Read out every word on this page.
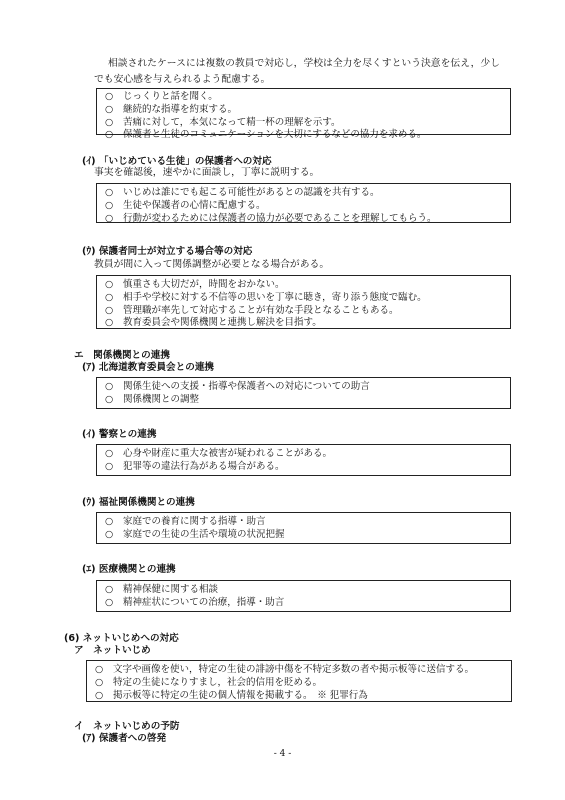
相談されたケースには複数の教員で対応し，学校は全力を尽くすという決意を伝え，少し
でも安心感を与えられるよう配慮する。
○	じっくりと話を聞く。
○	継続的な指導を約束する。
○	苦痛に対して，本気になって精一杯の理解を示す。
○	保護者と生徒のコミュニケーションを大切にするなどの協力を求める。
(ｲ) 「いじめている生徒」の保護者への対応
事実を確認後，速やかに面談し，丁寧に説明する。
○	いじめは誰にでも起こる可能性があるとの認識を共有する。
○	生徒や保護者の心情に配慮する。
○	行動が変わるためには保護者の協力が必要であることを理解してもらう。
(ｳ) 保護者同士が対立する場合等の対応
教員が間に入って関係調整が必要となる場合がある。
○	慎重さも大切だが，時間をおかない。
○	相手や学校に対する不信等の思いを丁寧に聴き，寄り添う態度で臨む。
○	管理職が率先して対応することが有効な手段となることもある。
○	教育委員会や関係機関と連携し解決を目指す。
エ　関係機関との連携
(ｱ) 北海道教育委員会との連携
○	関係生徒への支援・指導や保護者への対応についての助言
○	関係機関との調整
(ｲ) 警察との連携
○	心身や財産に重大な被害が疑われることがある。
○	犯罪等の違法行為がある場合がある。
(ｳ) 福祉関係機関との連携
○	家庭での養育に関する指導・助言
○	家庭での生徒の生活や環境の状況把握
(ｴ) 医療機関との連携
○	精神保健に関する相談
○	精神症状についての治療，指導・助言
(6) ネットいじめへの対応
ア　ネットいじめ
○	文字や画像を使い，特定の生徒の誹謗中傷を不特定多数の者や掲示板等に送信する。
○	特定の生徒になりすまし，社会的信用を貶める。
○	掲示板等に特定の生徒の個人情報を掲載する。　※ 犯罪行為
イ　ネットいじめの予防
(ｱ) 保護者への啓発
- 4 -
